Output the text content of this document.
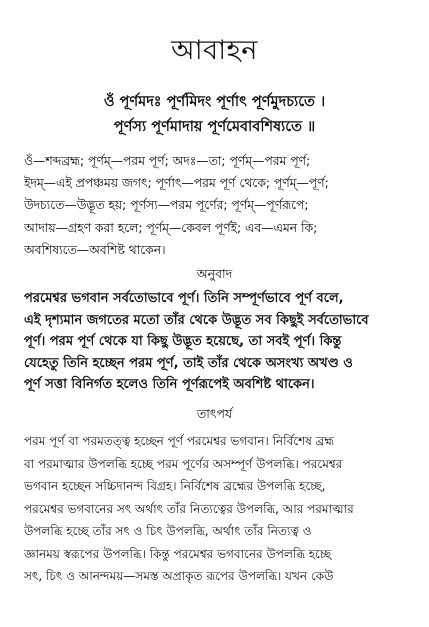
আবাহন
ওঁ পূর্ণমদঃ পূর্ণমিদং পূর্ণাৎ পূর্ণমুদচ্যতে ।
পূর্ণস্য পূর্ণমাদায় পূর্ণমেবাবশিষ্যতে ॥
ওঁ—শব্দব্রহ্ম; পূর্ণম্—পরম পূর্ণ; অদঃ—তা; পূর্ণম্—পরম পূর্ণ;
ইদম্—এই প্রপঞ্চময় জগৎ; পূর্ণাৎ—পরম পূর্ণ থেকে; পূর্ণম্—পূর্ণ;
উদচ্যতে—উদ্ভূত হয়; পূর্ণস্য—পরম পূর্ণের; পূর্ণম্—পূর্ণরূপে;
আদায়—গ্রহণ করা হলে; পূর্ণম্—কেবল পূর্ণই; এব—এমন কি;
অবশিষ্যতে—অবশিষ্ট থাকেন।
অনুবাদ
পরমেশ্বর ভগবান সর্বতোভাবে পূর্ণ। তিনি সম্পূর্ণভাবে পূর্ণ বলে,
এই দৃশ্যমান জগতের মতো তাঁর থেকে উদ্ভূত সব কিছুই সর্বতোভাবে
পূর্ণ। পরম পূর্ণ থেকে যা কিছু উদ্ভূত হয়েছে, তা সবই পূর্ণ। কিন্তু
যেহেতু তিনি হচ্ছেন পরম পূর্ণ, তাই তাঁর থেকে অসংখ্য অখণ্ড ও
পূর্ণ সত্তা বিনির্গত হলেও তিনি পূর্ণরূপেই অবশিষ্ট থাকেন।
তাৎপর্য
পরম পূর্ণ বা পরমতত্ত্ব হচ্ছেন পূর্ণ পরমেশ্বর ভগবান। নির্বিশেষ ব্রহ্ম
বা পরমাত্মার উপলব্ধি হচ্ছে পরম পূর্ণের অসম্পূর্ণ উপলব্ধি। পরমেশ্বর
ভগবান হচ্ছেন সচ্চিদানন্দ বিগ্রহ। নির্বিশেষ ব্রহ্মের উপলব্ধি হচ্ছে,
পরমেশ্বর ভগবানের সৎ অর্থাৎ তাঁর নিত্যত্বের উপলব্ধি, আর পরমাত্মার
উপলব্ধি হচ্ছে তাঁর সৎ ও চিৎ উপলব্ধি, অর্থাৎ তাঁর নিত্যত্ব ও
জ্ঞানময় স্বরূপের উপলব্ধি। কিন্তু পরমেশ্বর ভগবানের উপলব্ধি হচ্ছে
সৎ, চিৎ ও আনন্দময়—সমস্ত অপ্রাকৃত রূপের উপলব্ধি। যখন কেউ
